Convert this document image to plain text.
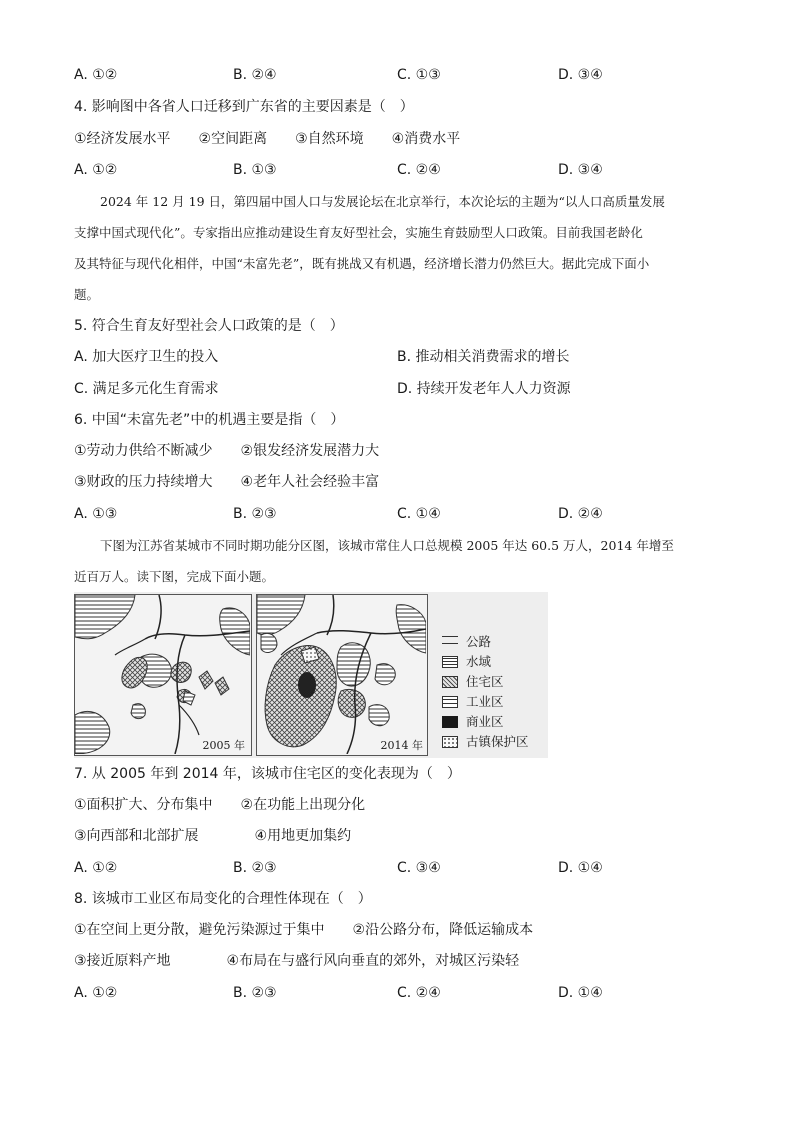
A. ①②	B. ②④	C. ①③	D. ③④
4. 影响图中各省人口迁移到广东省的主要因素是（　）
①经济发展水平　　②空间距离　　③自然环境　　④消费水平
A. ①②	B. ①③	C. ②④	D. ③④
2024 年 12 月 19 日，第四届中国人口与发展论坛在北京举行，本次论坛的主题为“以人口高质量发展
支撑中国式现代化”。专家指出应推动建设生育友好型社会，实施生育鼓励型人口政策。目前我国老龄化
及其特征与现代化相伴，中国“未富先老”，既有挑战又有机遇，经济增长潜力仍然巨大。据此完成下面小
题。
5. 符合生育友好型社会人口政策的是（　）
A. 加大医疗卫生的投入	B. 推动相关消费需求的增长
C. 满足多元化生育需求	D. 持续开发老年人人力资源
6. 中国“未富先老”中的机遇主要是指（　）
①劳动力供给不断减少　　②银发经济发展潜力大
③财政的压力持续增大　　④老年人社会经验丰富
A. ①③	B. ②③	C. ①④	D. ②④
下图为江苏省某城市不同时期功能分区图，该城市常住人口总规模 2005 年达 60.5 万人，2014 年增至
近百万人。读下图，完成下面小题。
2005 年	2014 年
公路
水域
住宅区
工业区
商业区
古镇保护区
7. 从 2005 年到 2014 年，该城市住宅区的变化表现为（　）
①面积扩大、分布集中　　②在功能上出现分化
③向西部和北部扩展　　　　④用地更加集约
A. ①②	B. ②③	C. ③④	D. ①④
8. 该城市工业区布局变化的合理性体现在（　）
①在空间上更分散，避免污染源过于集中　　②沿公路分布，降低运输成本
③接近原料产地　　　　④布局在与盛行风向垂直的郊外，对城区污染轻
A. ①②	B. ②③	C. ②④	D. ①④
